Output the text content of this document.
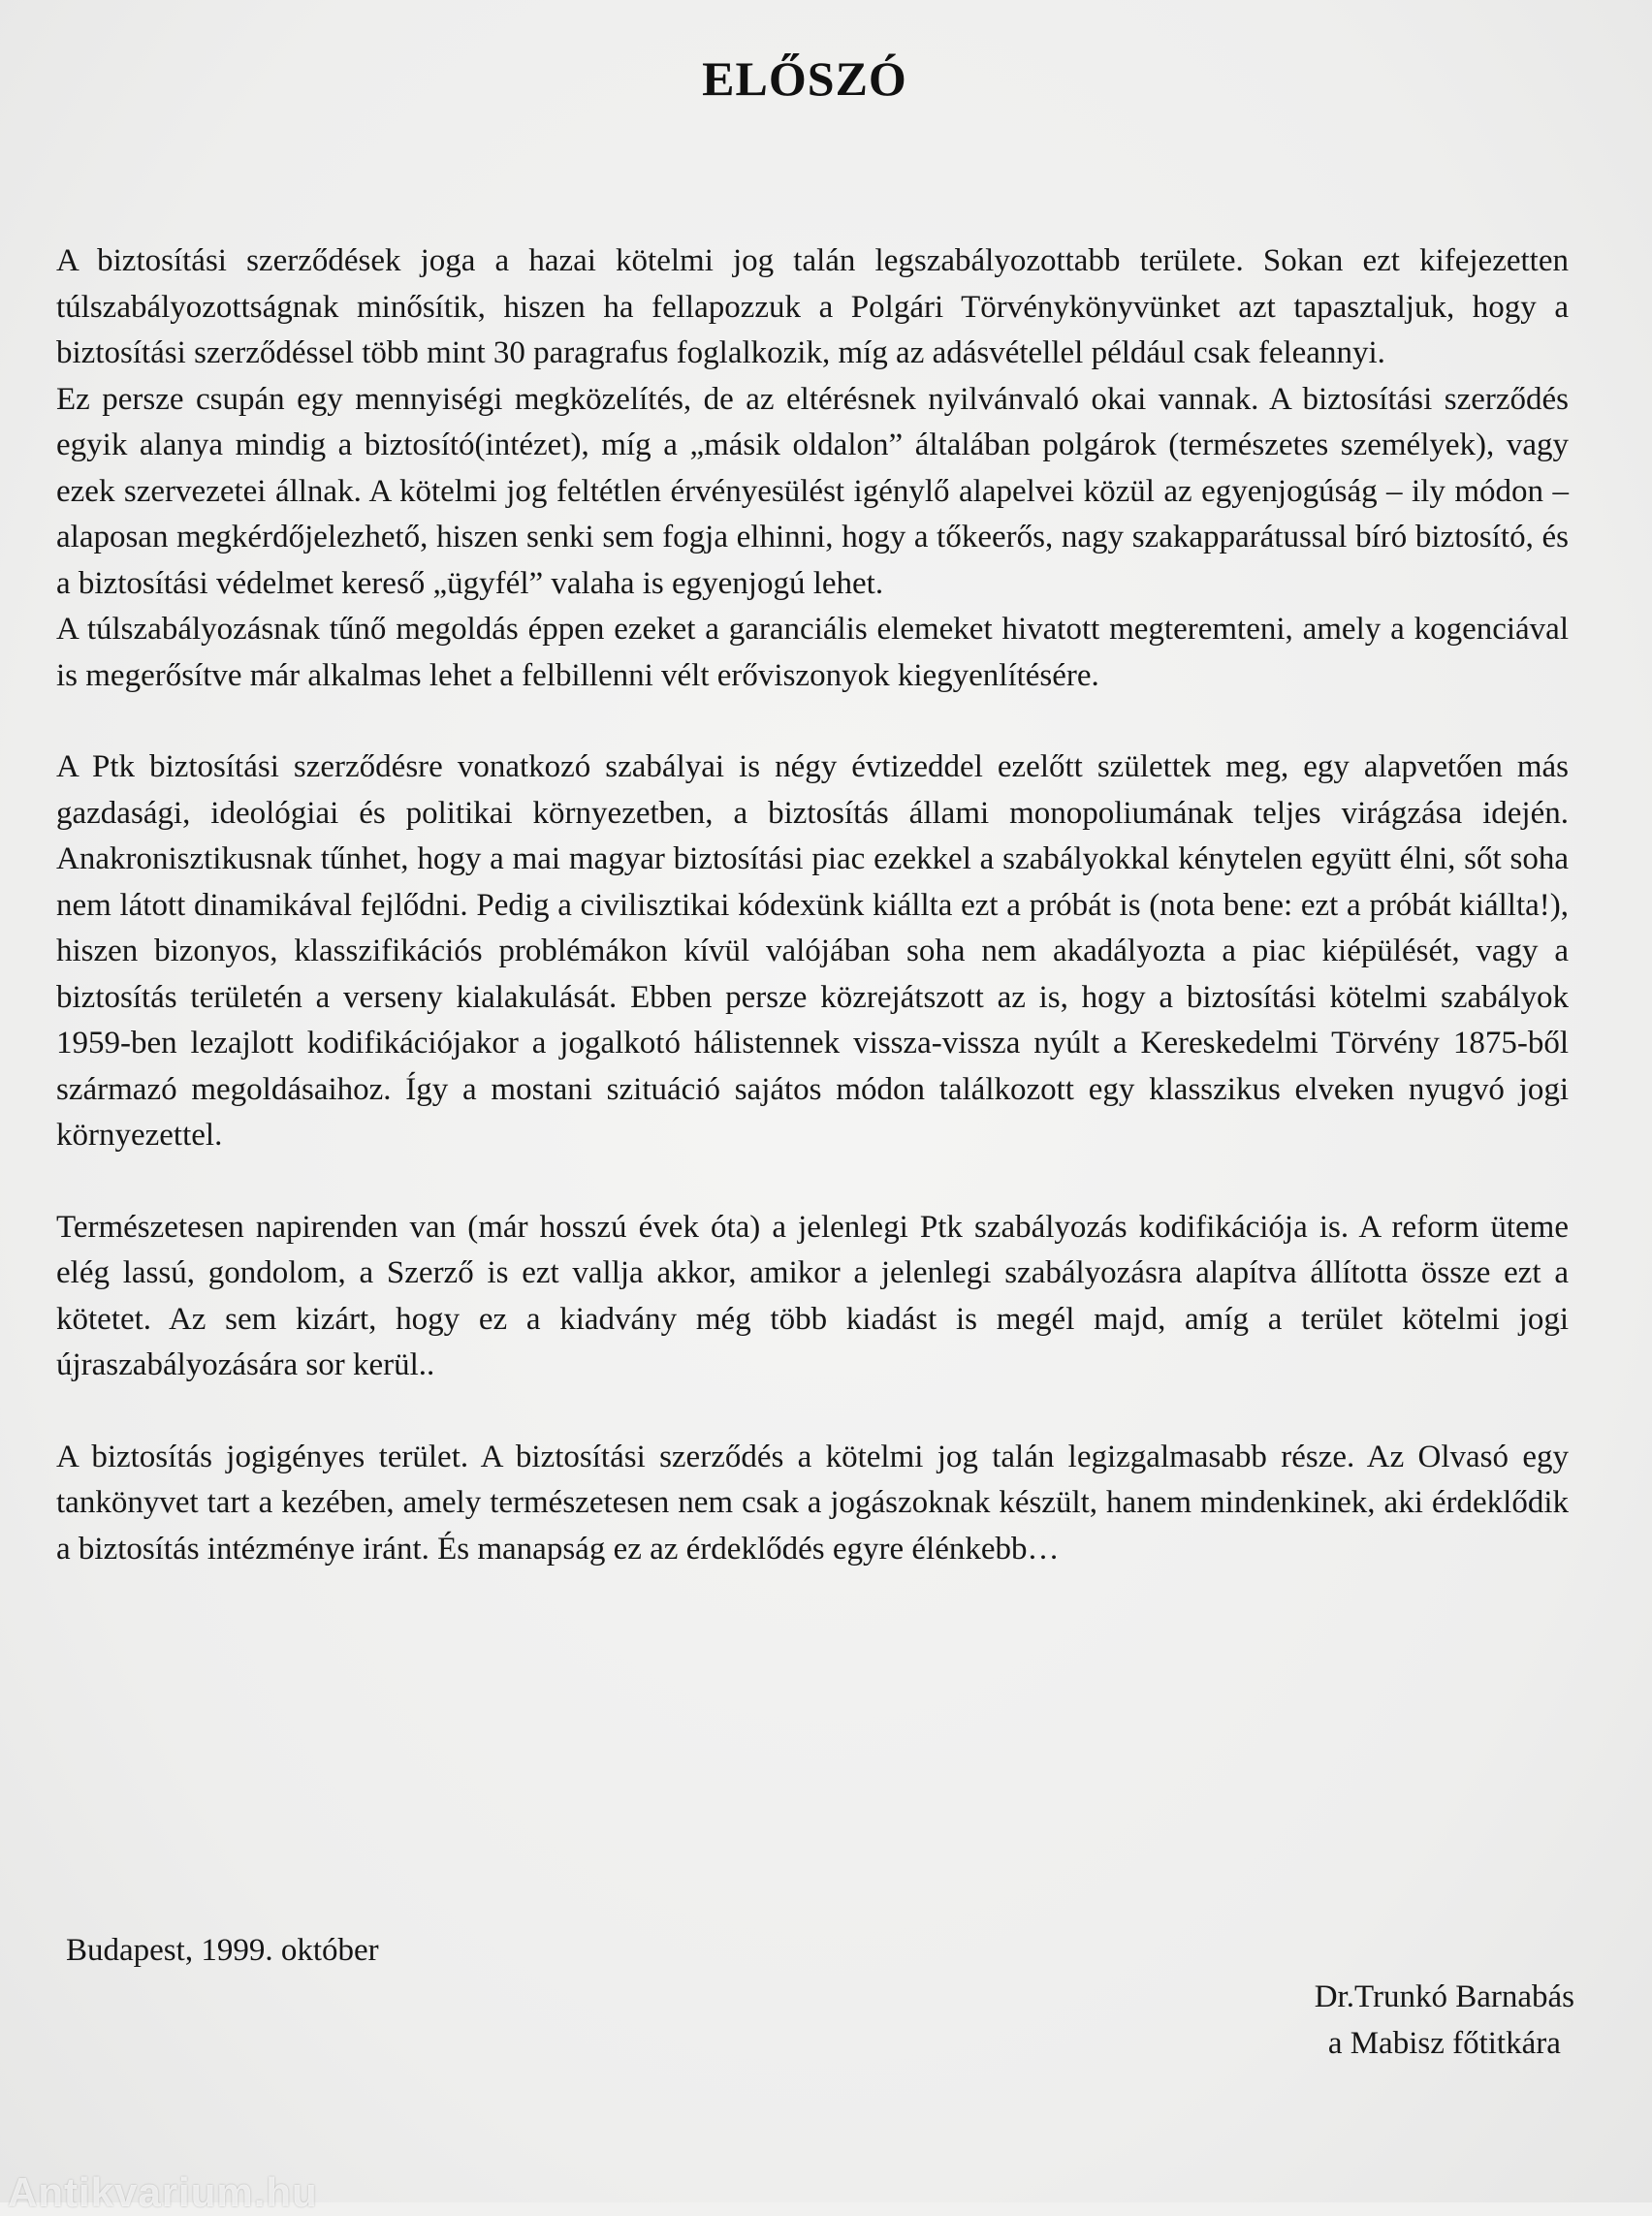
ELŐSZÓ

A biztosítási szerződések joga a hazai kötelmi jog talán legszabályozottabb területe. Sokan ezt kifejezetten túlszabályozottságnak minősítik, hiszen ha fellapozzuk a Polgári Törvénykönyvünket azt tapasztaljuk, hogy a biztosítási szerződéssel több mint 30 paragrafus foglalkozik, míg az adásvétellel például csak feleannyi.

Ez persze csupán egy mennyiségi megközelítés, de az eltérésnek nyilvánvaló okai vannak. A biztosítási szerződés egyik alanya mindig a biztosító(intézet), míg a „másik oldalon” általában polgárok (természetes személyek), vagy ezek szervezetei állnak. A kötelmi jog feltétlen érvényesülést igénylő alapelvei közül az egyenjogúság – ily módon – alaposan megkérdőjelezhető, hiszen senki sem fogja elhinni, hogy a tőkeerős, nagy szakapparátussal bíró biztosító, és a biztosítási védelmet kereső „ügyfél” valaha is egyenjogú lehet.

A túlszabályozásnak tűnő megoldás éppen ezeket a garanciális elemeket hivatott megteremteni, amely a kogenciával is megerősítve már alkalmas lehet a felbillenni vélt erőviszonyok kiegyenlítésére.

A Ptk biztosítási szerződésre vonatkozó szabályai is négy évtizeddel ezelőtt születtek meg, egy alapvetően más gazdasági, ideológiai és politikai környezetben, a biztosítás állami monopoliumának teljes virágzása idején. Anakronisztikusnak tűnhet, hogy a mai magyar biztosítási piac ezekkel a szabályokkal kénytelen együtt élni, sőt soha nem látott dinamikával fejlődni. Pedig a civilisztikai kódexünk kiállta ezt a próbát is (nota bene: ezt a próbát kiállta!), hiszen bizonyos, klasszifikációs problémákon kívül valójában soha nem akadályozta a piac kiépülését, vagy a biztosítás területén a verseny kialakulását. Ebben persze közrejátszott az is, hogy a biztosítási kötelmi szabályok 1959-ben lezajlott kodifikációjakor a jogalkotó hálistennek vissza-vissza nyúlt a Kereskedelmi Törvény 1875-ből származó megoldásaihoz. Így a mostani szituáció sajátos módon találkozott egy klasszikus elveken nyugvó jogi környezettel.

Természetesen napirenden van (már hosszú évek óta) a jelenlegi Ptk szabályozás kodifikációja is. A reform üteme elég lassú, gondolom, a Szerző is ezt vallja akkor, amikor a jelenlegi szabályozásra alapítva állította össze ezt a kötetet. Az sem kizárt, hogy ez a kiadvány még több kiadást is megél majd, amíg a terület kötelmi jogi újraszabályozására sor kerül..

A biztosítás jogigényes terület. A biztosítási szerződés a kötelmi jog talán legizgalmasabb része. Az Olvasó egy tankönyvet tart a kezében, amely természetesen nem csak a jogászoknak készült, hanem mindenkinek, aki érdeklődik a biztosítás intézménye iránt. És manapság ez az érdeklődés egyre élénkebb…

Budapest, 1999. október
Dr.Trunkó Barnabás
a Mabisz főtitkára
Antikvarium.hu
